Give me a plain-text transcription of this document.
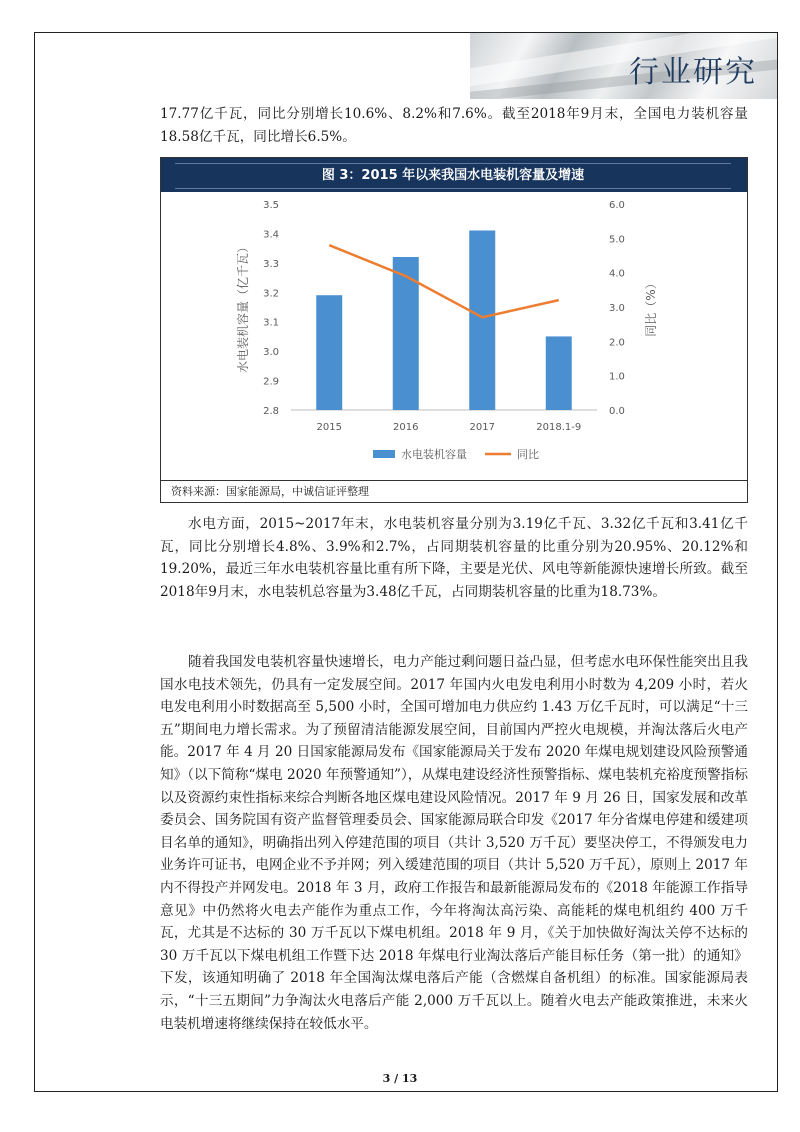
行业研究

17.77亿千瓦，同比分别增长10.6%、8.2%和7.6%。截至2018年9月末，全国电力装机容量18.58亿千瓦，同比增长6.5%。

图 3：2015 年以来我国水电装机容量及增速
3.5
3.4
3.3
3.2
3.1
3.0
2.9
2.8
6.0
5.0
4.0
3.0
2.0
1.0
0.0
2015	2016	2017	2018.1-9
水电装机容量（亿千瓦）	同比（%）
水电装机容量	同比
资料来源：国家能源局，中诚信证评整理

水电方面，2015~2017年末，水电装机容量分别为3.19亿千瓦、3.32亿千瓦和3.41亿千瓦，同比分别增长4.8%、3.9%和2.7%，占同期装机容量的比重分别为20.95%、20.12%和19.20%，最近三年水电装机容量比重有所下降，主要是光伏、风电等新能源快速增长所致。截至2018年9月末，水电装机总容量为3.48亿千瓦，占同期装机容量的比重为18.73%。

随着我国发电装机容量快速增长，电力产能过剩问题日益凸显，但考虑水电环保性能突出且我国水电技术领先，仍具有一定发展空间。2017 年国内火电发电利用小时数为 4,209 小时，若火电发电利用小时数据高至 5,500 小时，全国可增加电力供应约 1.43 万亿千瓦时，可以满足“十三五”期间电力增长需求。为了预留清洁能源发展空间，目前国内严控火电规模，并淘汰落后火电产能。2017 年 4 月 20 日国家能源局发布《国家能源局关于发布 2020 年煤电规划建设风险预警通知》（以下简称“煤电 2020 年预警通知”），从煤电建设经济性预警指标、煤电装机充裕度预警指标以及资源约束性指标来综合判断各地区煤电建设风险情况。2017 年 9 月 26 日，国家发展和改革委员会、国务院国有资产监督管理委员会、国家能源局联合印发《2017 年分省煤电停建和缓建项目名单的通知》，明确指出列入停建范围的项目（共计 3,520 万千瓦）要坚决停工，不得颁发电力业务许可证书，电网企业不予并网；列入缓建范围的项目（共计 5,520 万千瓦），原则上 2017 年内不得投产并网发电。2018 年 3 月，政府工作报告和最新能源局发布的《2018 年能源工作指导意见》中仍然将火电去产能作为重点工作，今年将淘汰高污染、高能耗的煤电机组约 400 万千瓦，尤其是不达标的 30 万千瓦以下煤电机组。2018 年 9 月，《关于加快做好淘汰关停不达标的 30 万千瓦以下煤电机组工作暨下达 2018 年煤电行业淘汰落后产能目标任务（第一批）的通知》下发，该通知明确了 2018 年全国淘汰煤电落后产能（含燃煤自备机组）的标准。国家能源局表示，“十三五期间”力争淘汰火电落后产能 2,000 万千瓦以上。随着火电去产能政策推进，未来火电装机增速将继续保持在较低水平。

3 / 13
